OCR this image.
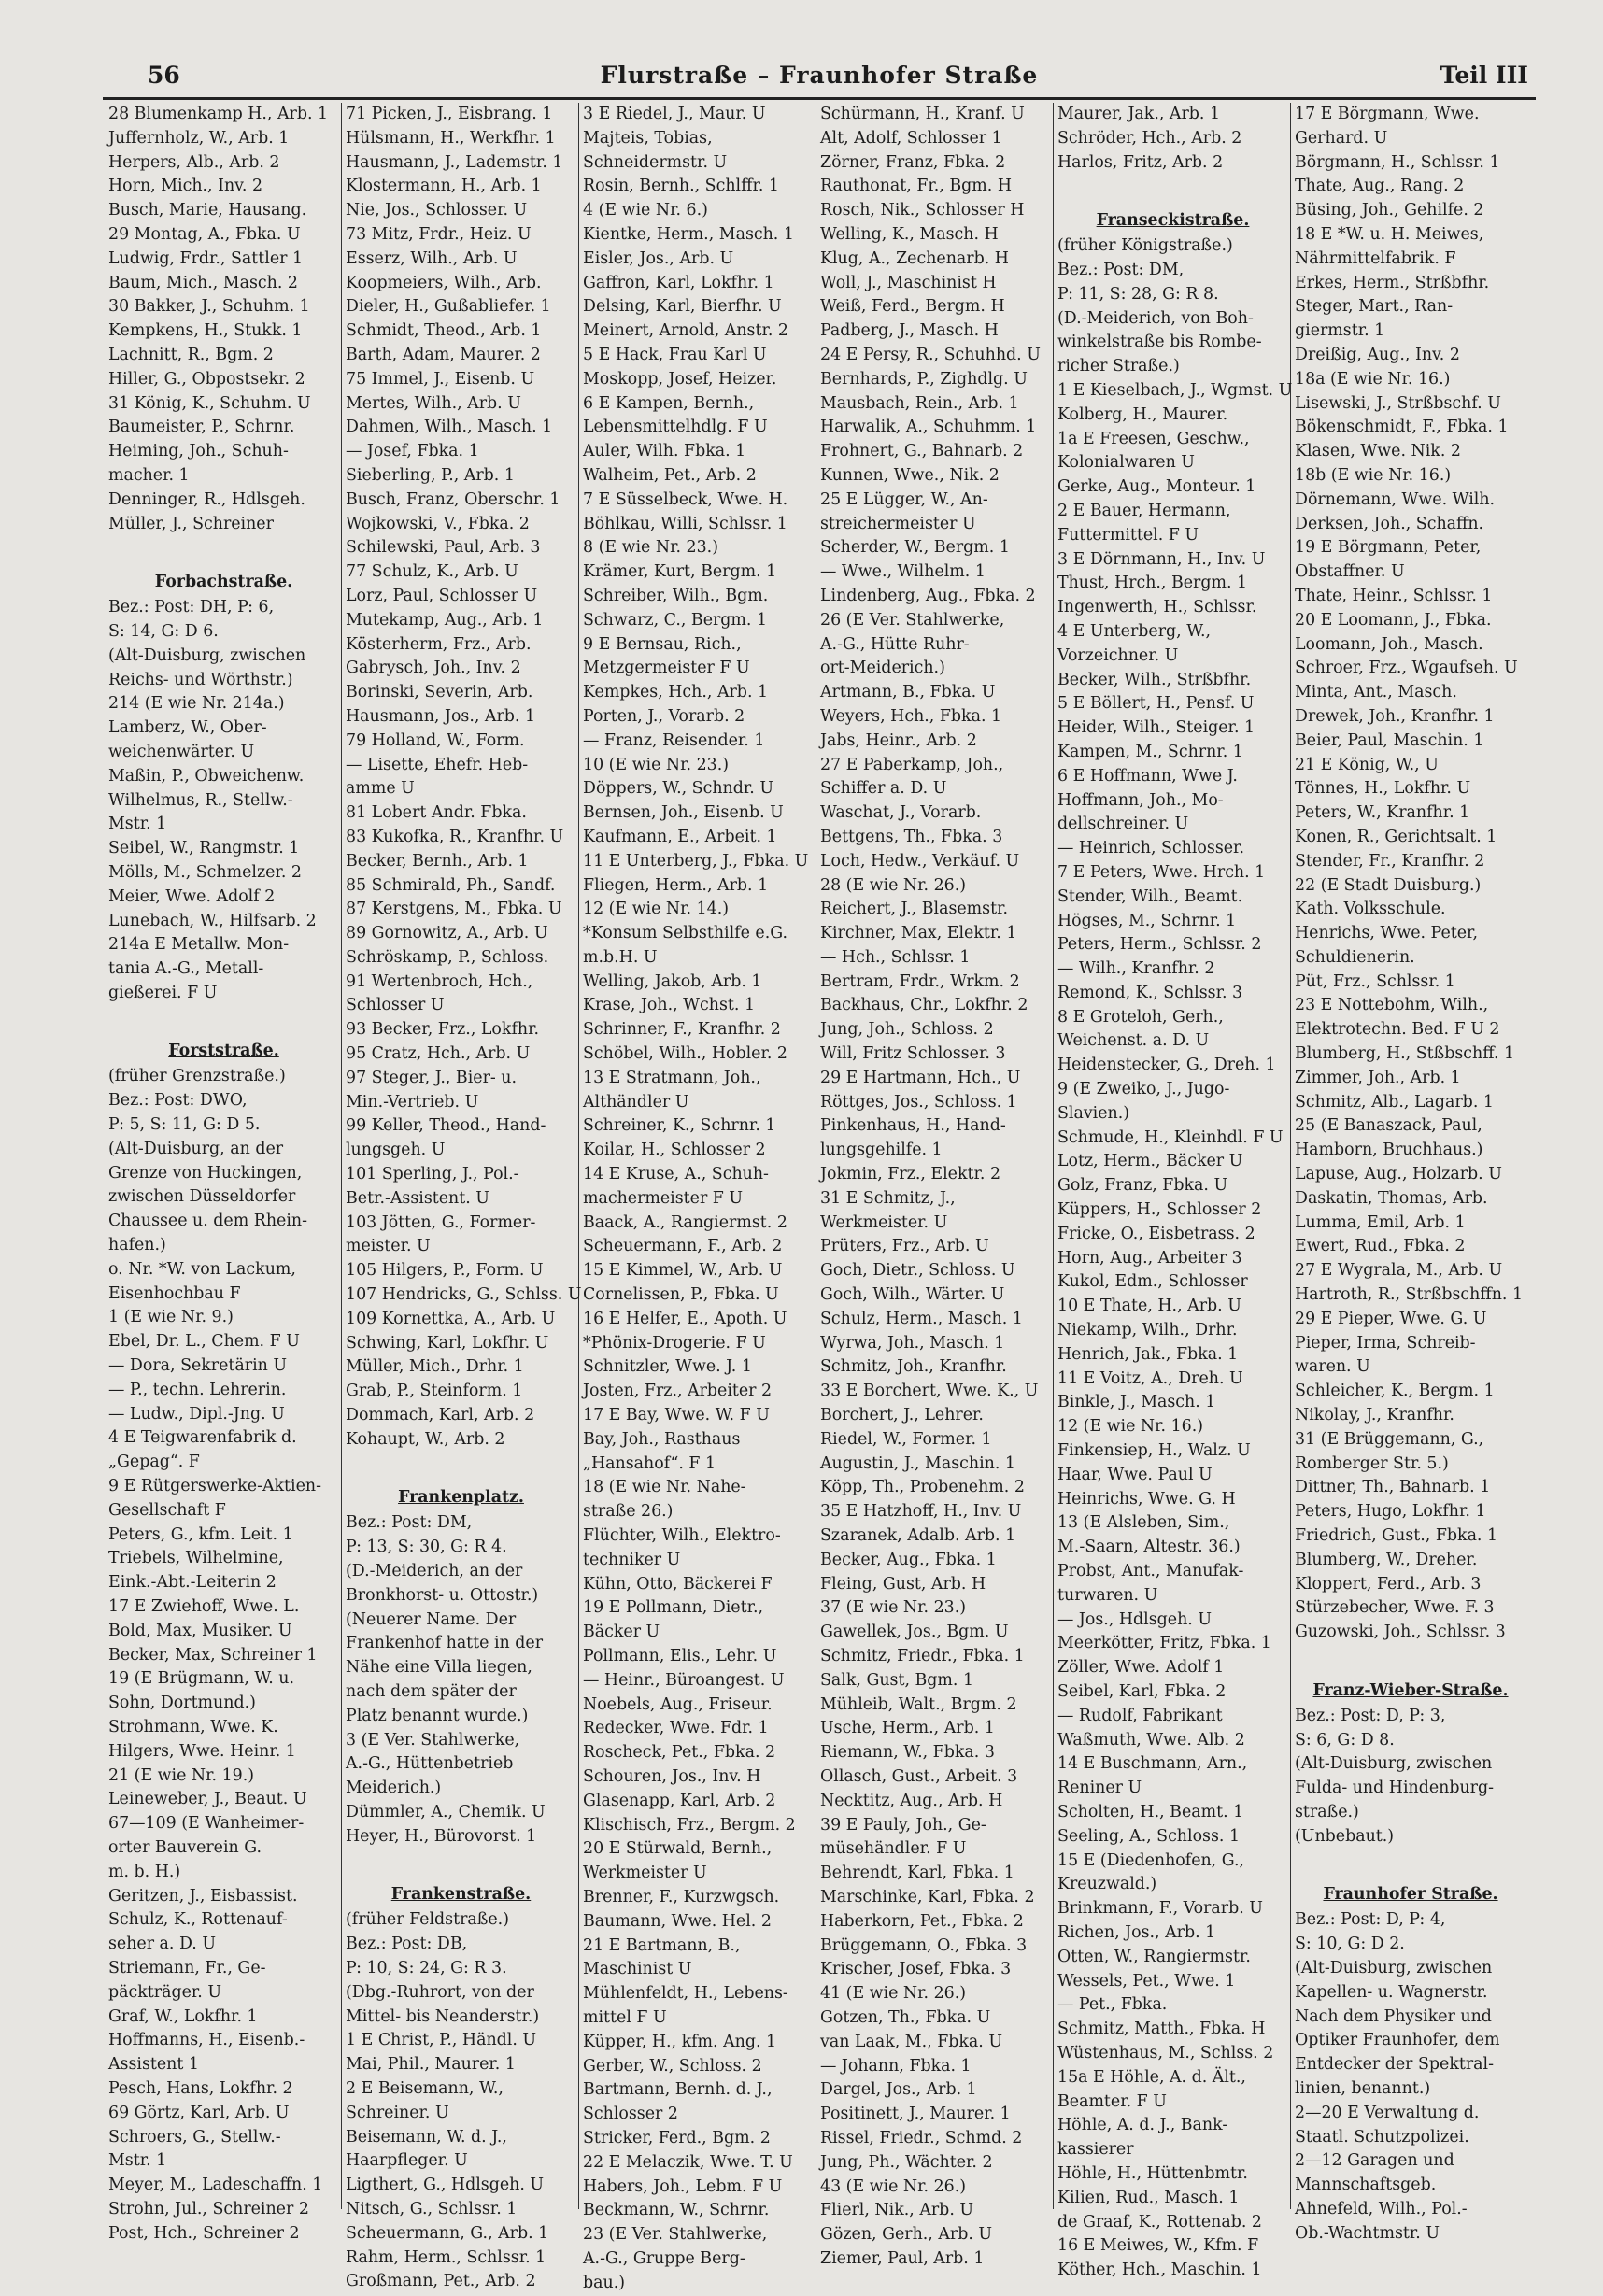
56	Flurstraße – Fraunhofer Straße	Teil III
28 Blumenkamp H., Arb. 1
Juffernholz, W., Arb. 1
Herpers, Alb., Arb. 2
Horn, Mich., Inv. 2
Busch, Marie, Hausang.
29 Montag, A., Fbka. U
Ludwig, Frdr., Sattler 1
Baum, Mich., Masch. 2
30 Bakker, J., Schuhm. 1
Kempkens, H., Stukk. 1
Lachnitt, R., Bgm. 2
Hiller, G., Obpostsekr. 2
31 König, K., Schuhm. U
Baumeister, P., Schrnr.
Heiming, Joh., Schuh-
macher. 1
Denninger, R., Hdlsgeh.
Müller, J., Schreiner

Forbachstraße.
Bez.: Post: DH, P: 6,
S: 14, G: D 6.
(Alt-Duisburg, zwischen
Reichs- und Wörthstr.)
214 (E wie Nr. 214a.)
Lamberz, W., Ober-
weichenwärter. U
Maßin, P., Obweichenw.
Wilhelmus, R., Stellw.-
Mstr. 1
Seibel, W., Rangmstr. 1
Mölls, M., Schmelzer. 2
Meier, Wwe. Adolf 2
Lunebach, W., Hilfsarb. 2
214a E Metallw. Mon-
tania A.-G., Metall-
gießerei. F U

Forststraße.
(früher Grenzstraße.)
Bez.: Post: DWO,
P: 5, S: 11, G: D 5.
(Alt-Duisburg, an der
Grenze von Huckingen,
zwischen Düsseldorfer
Chaussee u. dem Rhein-
hafen.)
o. Nr. *W. von Lackum,
Eisenhochbau F
1 (E wie Nr. 9.)
Ebel, Dr. L., Chem. F U
— Dora, Sekretärin U
— P., techn. Lehrerin.
— Ludw., Dipl.-Jng. U
4 E Teigwarenfabrik d.
„Gepag“. F
9 E Rütgerswerke-Aktien-
Gesellschaft F
Peters, G., kfm. Leit. 1
Triebels, Wilhelmine,
Eink.-Abt.-Leiterin 2
17 E Zwiehoff, Wwe. L.
Bold, Max, Musiker. U
Becker, Max, Schreiner 1
19 (E Brügmann, W. u.
Sohn, Dortmund.)
Strohmann, Wwe. K.
Hilgers, Wwe. Heinr. 1
21 (E wie Nr. 19.)
Leineweber, J., Beaut. U
67—109 (E Wanheimer-
orter Bauverein G.
m. b. H.)
Geritzen, J., Eisbassist.
Schulz, K., Rottenauf-
seher a. D. U
Striemann, Fr., Ge-
päckträger. U
Graf, W., Lokfhr. 1
Hoffmanns, H., Eisenb.-
Assistent 1
Pesch, Hans, Lokfhr. 2
69 Görtz, Karl, Arb. U
Schroers, G., Stellw.-
Mstr. 1
Meyer, M., Ladeschaffn. 1
Strohn, Jul., Schreiner 2
Post, Hch., Schreiner 2
71 Picken, J., Eisbrang. 1
Hülsmann, H., Werkfhr. 1
Hausmann, J., Lademstr. 1
Klostermann, H., Arb. 1
Nie, Jos., Schlosser. U
73 Mitz, Frdr., Heiz. U
Esserz, Wilh., Arb. U
Koopmeiers, Wilh., Arb.
Dieler, H., Gußabliefer. 1
Schmidt, Theod., Arb. 1
Barth, Adam, Maurer. 2
75 Immel, J., Eisenb. U
Mertes, Wilh., Arb. U
Dahmen, Wilh., Masch. 1
— Josef, Fbka. 1
Sieberling, P., Arb. 1
Busch, Franz, Oberschr. 1
Wojkowski, V., Fbka. 2
Schilewski, Paul, Arb. 3
77 Schulz, K., Arb. U
Lorz, Paul, Schlosser U
Mutekamp, Aug., Arb. 1
Kösterherm, Frz., Arb.
Gabrysch, Joh., Inv. 2
Borinski, Severin, Arb.
Hausmann, Jos., Arb. 1
79 Holland, W., Form.
— Lisette, Ehefr. Heb-
amme U
81 Lobert Andr. Fbka.
83 Kukofka, R., Kranfhr. U
Becker, Bernh., Arb. 1
85 Schmirald, Ph., Sandf.
87 Kerstgens, M., Fbka. U
89 Gornowitz, A., Arb. U
Schröskamp, P., Schloss.
91 Wertenbroch, Hch.,
Schlosser U
93 Becker, Frz., Lokfhr.
95 Cratz, Hch., Arb. U
97 Steger, J., Bier- u.
Min.-Vertrieb. U
99 Keller, Theod., Hand-
lungsgeh. U
101 Sperling, J., Pol.-
Betr.-Assistent. U
103 Jötten, G., Former-
meister. U
105 Hilgers, P., Form. U
107 Hendricks, G., Schlss. U
109 Kornettka, A., Arb. U
Schwing, Karl, Lokfhr. U
Müller, Mich., Drhr. 1
Grab, P., Steinform. 1
Dommach, Karl, Arb. 2
Kohaupt, W., Arb. 2

Frankenplatz.
Bez.: Post: DM,
P: 13, S: 30, G: R 4.
(D.-Meiderich, an der
Bronkhorst- u. Ottostr.)
(Neuerer Name. Der
Frankenhof hatte in der
Nähe eine Villa liegen,
nach dem später der
Platz benannt wurde.)
3 (E Ver. Stahlwerke,
A.-G., Hüttenbetrieb
Meiderich.)
Dümmler, A., Chemik. U
Heyer, H., Bürovorst. 1

Frankenstraße.
(früher Feldstraße.)
Bez.: Post: DB,
P: 10, S: 24, G: R 3.
(Dbg.-Ruhrort, von der
Mittel- bis Neanderstr.)
1 E Christ, P., Händl. U
Mai, Phil., Maurer. 1
2 E Beisemann, W.,
Schreiner. U
Beisemann, W. d. J.,
Haarpfleger. U
Ligthert, G., Hdlsgeh. U
Nitsch, G., Schlssr. 1
Scheuermann, G., Arb. 1
Rahm, Herm., Schlssr. 1
Großmann, Pet., Arb. 2
3 E Riedel, J., Maur. U
Majteis, Tobias,
Schneidermstr. U
Rosin, Bernh., Schlffr. 1
4 (E wie Nr. 6.)
Kientke, Herm., Masch. 1
Eisler, Jos., Arb. U
Gaffron, Karl, Lokfhr. 1
Delsing, Karl, Bierfhr. U
Meinert, Arnold, Anstr. 2
5 E Hack, Frau Karl U
Moskopp, Josef, Heizer.
6 E Kampen, Bernh.,
Lebensmittelhdlg. F U
Auler, Wilh. Fbka. 1
Walheim, Pet., Arb. 2
7 E Süsselbeck, Wwe. H.
Böhlkau, Willi, Schlssr. 1
8 (E wie Nr. 23.)
Krämer, Kurt, Bergm. 1
Schreiber, Wilh., Bgm.
Schwarz, C., Bergm. 1
9 E Bernsau, Rich.,
Metzgermeister F U
Kempkes, Hch., Arb. 1
Porten, J., Vorarb. 2
— Franz, Reisender. 1
10 (E wie Nr. 23.)
Döppers, W., Schndr. U
Bernsen, Joh., Eisenb. U
Kaufmann, E., Arbeit. 1
11 E Unterberg, J., Fbka. U
Fliegen, Herm., Arb. 1
12 (E wie Nr. 14.)
*Konsum Selbsthilfe e.G.
m.b.H. U
Welling, Jakob, Arb. 1
Krase, Joh., Wchst. 1
Schrinner, F., Kranfhr. 2
Schöbel, Wilh., Hobler. 2
13 E Stratmann, Joh.,
Althändler U
Schreiner, K., Schrnr. 1
Koilar, H., Schlosser 2
14 E Kruse, A., Schuh-
machermeister F U
Baack, A., Rangiermst. 2
Scheuermann, F., Arb. 2
15 E Kimmel, W., Arb. U
Cornelissen, P., Fbka. U
16 E Helfer, E., Apoth. U
*Phönix-Drogerie. F U
Schnitzler, Wwe. J. 1
Josten, Frz., Arbeiter 2
17 E Bay, Wwe. W. F U
Bay, Joh., Rasthaus
„Hansahof“. F 1
18 (E wie Nr. Nahe-
straße 26.)
Flüchter, Wilh., Elektro-
techniker U
Kühn, Otto, Bäckerei F
19 E Pollmann, Dietr.,
Bäcker U
Pollmann, Elis., Lehr. U
— Heinr., Büroangest. U
Noebels, Aug., Friseur.
Redecker, Wwe. Fdr. 1
Roscheck, Pet., Fbka. 2
Schouren, Jos., Inv. H
Glasenapp, Karl, Arb. 2
Klischisch, Frz., Bergm. 2
20 E Stürwald, Bernh.,
Werkmeister U
Brenner, F., Kurzwgsch.
Baumann, Wwe. Hel. 2
21 E Bartmann, B.,
Maschinist U
Mühlenfeldt, H., Lebens-
mittel F U
Küpper, H., kfm. Ang. 1
Gerber, W., Schloss. 2
Bartmann, Bernh. d. J.,
Schlosser 2
Stricker, Ferd., Bgm. 2
22 E Melaczik, Wwe. T. U
Habers, Joh., Lebm. F U
Beckmann, W., Schrnr.
23 (E Ver. Stahlwerke,
A.-G., Gruppe Berg-
bau.)
Schürmann, H., Kranf. U
Alt, Adolf, Schlosser 1
Zörner, Franz, Fbka. 2
Rauthonat, Fr., Bgm. H
Rosch, Nik., Schlosser H
Welling, K., Masch. H
Klug, A., Zechenarb. H
Woll, J., Maschinist H
Weiß, Ferd., Bergm. H
Padberg, J., Masch. H
24 E Persy, R., Schuhhd. U
Bernhards, P., Zighdlg. U
Mausbach, Rein., Arb. 1
Harwalik, A., Schuhmm. 1
Frohnert, G., Bahnarb. 2
Kunnen, Wwe., Nik. 2
25 E Lügger, W., An-
streichermeister U
Scherder, W., Bergm. 1
— Wwe., Wilhelm. 1
Lindenberg, Aug., Fbka. 2
26 (E Ver. Stahlwerke,
A.-G., Hütte Ruhr-
ort-Meiderich.)
Artmann, B., Fbka. U
Weyers, Hch., Fbka. 1
Jabs, Heinr., Arb. 2
27 E Paberkamp, Joh.,
Schiffer a. D. U
Waschat, J., Vorarb.
Bettgens, Th., Fbka. 3
Loch, Hedw., Verkäuf. U
28 (E wie Nr. 26.)
Reichert, J., Blasemstr.
Kirchner, Max, Elektr. 1
— Hch., Schlssr. 1
Bertram, Frdr., Wrkm. 2
Backhaus, Chr., Lokfhr. 2
Jung, Joh., Schloss. 2
Will, Fritz Schlosser. 3
29 E Hartmann, Hch., U
Röttges, Jos., Schloss. 1
Pinkenhaus, H., Hand-
lungsgehilfe. 1
Jokmin, Frz., Elektr. 2
31 E Schmitz, J.,
Werkmeister. U
Prüters, Frz., Arb. U
Goch, Dietr., Schloss. U
Goch, Wilh., Wärter. U
Schulz, Herm., Masch. 1
Wyrwa, Joh., Masch. 1
Schmitz, Joh., Kranfhr.
33 E Borchert, Wwe. K., U
Borchert, J., Lehrer.
Riedel, W., Former. 1
Augustin, J., Maschin. 1
Köpp, Th., Probenehm. 2
35 E Hatzhoff, H., Inv. U
Szaranek, Adalb. Arb. 1
Becker, Aug., Fbka. 1
Fleing, Gust, Arb. H
37 (E wie Nr. 23.)
Gawellek, Jos., Bgm. U
Schmitz, Friedr., Fbka. 1
Salk, Gust, Bgm. 1
Mühleib, Walt., Brgm. 2
Usche, Herm., Arb. 1
Riemann, W., Fbka. 3
Ollasch, Gust., Arbeit. 3
Necktitz, Aug., Arb. H
39 E Pauly, Joh., Ge-
müsehändler. F U
Behrendt, Karl, Fbka. 1
Marschinke, Karl, Fbka. 2
Haberkorn, Pet., Fbka. 2
Brüggemann, O., Fbka. 3
Krischer, Josef, Fbka. 3
41 (E wie Nr. 26.)
Gotzen, Th., Fbka. U
van Laak, M., Fbka. U
— Johann, Fbka. 1
Dargel, Jos., Arb. 1
Positinett, J., Maurer. 1
Rissel, Friedr., Schmd. 2
Jung, Ph., Wächter. 2
43 (E wie Nr. 26.)
Flierl, Nik., Arb. U
Gözen, Gerh., Arb. U
Ziemer, Paul, Arb. 1
Maurer, Jak., Arb. 1
Schröder, Hch., Arb. 2
Harlos, Fritz, Arb. 2

Franseckistraße.
(früher Königstraße.)
Bez.: Post: DM,
P: 11, S: 28, G: R 8.
(D.-Meiderich, von Boh-
winkelstraße bis Rombe-
richer Straße.)
1 E Kieselbach, J., Wgmst. U
Kolberg, H., Maurer.
1a E Freesen, Geschw.,
Kolonialwaren U
Gerke, Aug., Monteur. 1
2 E Bauer, Hermann,
Futtermittel. F U
3 E Dörnmann, H., Inv. U
Thust, Hrch., Bergm. 1
Ingenwerth, H., Schlssr.
4 E Unterberg, W.,
Vorzeichner. U
Becker, Wilh., Strßbfhr.
5 E Böllert, H., Pensf. U
Heider, Wilh., Steiger. 1
Kampen, M., Schrnr. 1
6 E Hoffmann, Wwe J.
Hoffmann, Joh., Mo-
dellschreiner. U
— Heinrich, Schlosser.
7 E Peters, Wwe. Hrch. 1
Stender, Wilh., Beamt.
Högses, M., Schrnr. 1
Peters, Herm., Schlssr. 2
— Wilh., Kranfhr. 2
Remond, K., Schlssr. 3
8 E Groteloh, Gerh.,
Weichenst. a. D. U
Heidenstecker, G., Dreh. 1
9 (E Zweiko, J., Jugo-
Slavien.)
Schmude, H., Kleinhdl. F U
Lotz, Herm., Bäcker U
Golz, Franz, Fbka. U
Küppers, H., Schlosser 2
Fricke, O., Eisbetrass. 2
Horn, Aug., Arbeiter 3
Kukol, Edm., Schlosser
10 E Thate, H., Arb. U
Niekamp, Wilh., Drhr.
Henrich, Jak., Fbka. 1
11 E Voitz, A., Dreh. U
Binkle, J., Masch. 1
12 (E wie Nr. 16.)
Finkensiep, H., Walz. U
Haar, Wwe. Paul U
Heinrichs, Wwe. G. H
13 (E Alsleben, Sim.,
M.-Saarn, Altestr. 36.)
Probst, Ant., Manufak-
turwaren. U
— Jos., Hdlsgeh. U
Meerkötter, Fritz, Fbka. 1
Zöller, Wwe. Adolf 1
Seibel, Karl, Fbka. 2
— Rudolf, Fabrikant
Waßmuth, Wwe. Alb. 2
14 E Buschmann, Arn.,
Reniner U
Scholten, H., Beamt. 1
Seeling, A., Schloss. 1
15 E (Diedenhofen, G.,
Kreuzwald.)
Brinkmann, F., Vorarb. U
Richen, Jos., Arb. 1
Otten, W., Rangiermstr.
Wessels, Pet., Wwe. 1
— Pet., Fbka.
Schmitz, Matth., Fbka. H
Wüstenhaus, M., Schlss. 2
15a E Höhle, A. d. Ält.,
Beamter. F U
Höhle, A. d. J., Bank-
kassierer
Höhle, H., Hüttenbmtr.
Kilien, Rud., Masch. 1
de Graaf, K., Rottenab. 2
16 E Meiwes, W., Kfm. F
Köther, Hch., Maschin. 1
17 E Börgmann, Wwe.
Gerhard. U
Börgmann, H., Schlssr. 1
Thate, Aug., Rang. 2
Büsing, Joh., Gehilfe. 2
18 E *W. u. H. Meiwes,
Nährmittelfabrik. F
Erkes, Herm., Strßbfhr.
Steger, Mart., Ran-
giermstr. 1
Dreißig, Aug., Inv. 2
18a (E wie Nr. 16.)
Lisewski, J., Strßbschf. U
Bökenschmidt, F., Fbka. 1
Klasen, Wwe. Nik. 2
18b (E wie Nr. 16.)
Dörnemann, Wwe. Wilh.
Derksen, Joh., Schaffn.
19 E Börgmann, Peter,
Obstaffner. U
Thate, Heinr., Schlssr. 1
20 E Loomann, J., Fbka.
Loomann, Joh., Masch.
Schroer, Frz., Wgaufseh. U
Minta, Ant., Masch.
Drewek, Joh., Kranfhr. 1
Beier, Paul, Maschin. 1
21 E König, W., U
Tönnes, H., Lokfhr. U
Peters, W., Kranfhr. 1
Konen, R., Gerichtsalt. 1
Stender, Fr., Kranfhr. 2
22 (E Stadt Duisburg.)
Kath. Volksschule.
Henrichs, Wwe. Peter,
Schuldienerin.
Püt, Frz., Schlssr. 1
23 E Nottebohm, Wilh.,
Elektrotechn. Bed. F U 2
Blumberg, H., Stßbschff. 1
Zimmer, Joh., Arb. 1
Schmitz, Alb., Lagarb. 1
25 (E Banaszack, Paul,
Hamborn, Bruchhaus.)
Lapuse, Aug., Holzarb. U
Daskatin, Thomas, Arb.
Lumma, Emil, Arb. 1
Ewert, Rud., Fbka. 2
27 E Wygrala, M., Arb. U
Hartroth, R., Strßbschffn. 1
29 E Pieper, Wwe. G. U
Pieper, Irma, Schreib-
waren. U
Schleicher, K., Bergm. 1
Nikolay, J., Kranfhr.
31 (E Brüggemann, G.,
Romberger Str. 5.)
Dittner, Th., Bahnarb. 1
Peters, Hugo, Lokfhr. 1
Friedrich, Gust., Fbka. 1
Blumberg, W., Dreher.
Kloppert, Ferd., Arb. 3
Stürzebecher, Wwe. F. 3
Guzowski, Joh., Schlssr. 3

Franz-Wieber-Straße.
Bez.: Post: D, P: 3,
S: 6, G: D 8.
(Alt-Duisburg, zwischen
Fulda- und Hindenburg-
straße.)
(Unbebaut.)

Fraunhofer Straße.
Bez.: Post: D, P: 4,
S: 10, G: D 2.
(Alt-Duisburg, zwischen
Kapellen- u. Wagnerstr.
Nach dem Physiker und
Optiker Fraunhofer, dem
Entdecker der Spektral-
linien, benannt.)
2—20 E Verwaltung d.
Staatl. Schutzpolizei.
2—12 Garagen und
Mannschaftsgeb.
Ahnefeld, Wilh., Pol.-
Ob.-Wachtmstr. U
